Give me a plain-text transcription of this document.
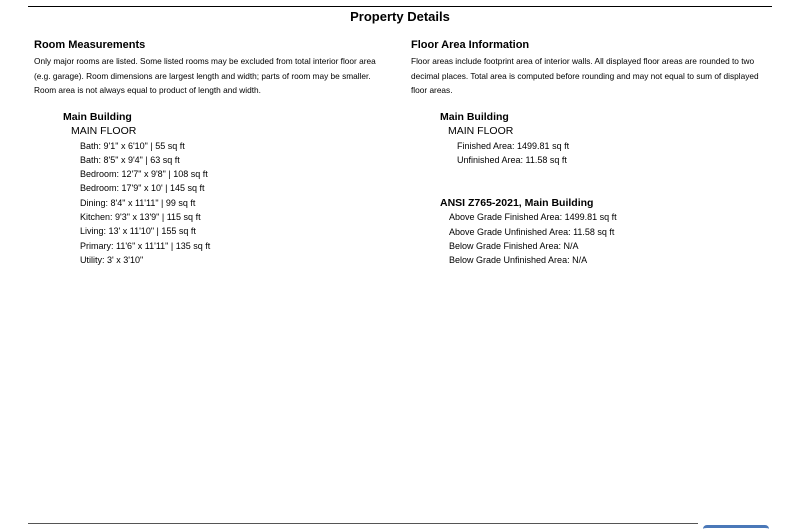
Property Details
Room Measurements
Only major rooms are listed. Some listed rooms may be excluded from total interior floor area
(e.g. garage). Room dimensions are largest length and width; parts of room may be smaller.
Room area is not always equal to product of length and width.
Main Building
MAIN FLOOR
Bath: 9'1" x 6'10" | 55 sq ft
Bath: 8'5" x 9'4" | 63 sq ft
Bedroom: 12'7" x 9'8" | 108 sq ft
Bedroom: 17'9" x 10' | 145 sq ft
Dining: 8'4" x 11'11" | 99 sq ft
Kitchen: 9'3" x 13'9" | 115 sq ft
Living: 13' x 11'10" | 155 sq ft
Primary: 11'6" x 11'11" | 135 sq ft
Utility: 3' x 3'10"
Floor Area Information
Floor areas include footprint area of interior walls. All displayed floor areas are rounded to two
decimal places. Total area is computed before rounding and may not equal to sum of displayed
floor areas.
Main Building
MAIN FLOOR
Finished Area: 1499.81 sq ft
Unfinished Area: 11.58 sq ft
ANSI Z765-2021, Main Building
Above Grade Finished Area: 1499.81 sq ft
Above Grade Unfinished Area: 11.58 sq ft
Below Grade Finished Area: N/A
Below Grade Unfinished Area: N/A
